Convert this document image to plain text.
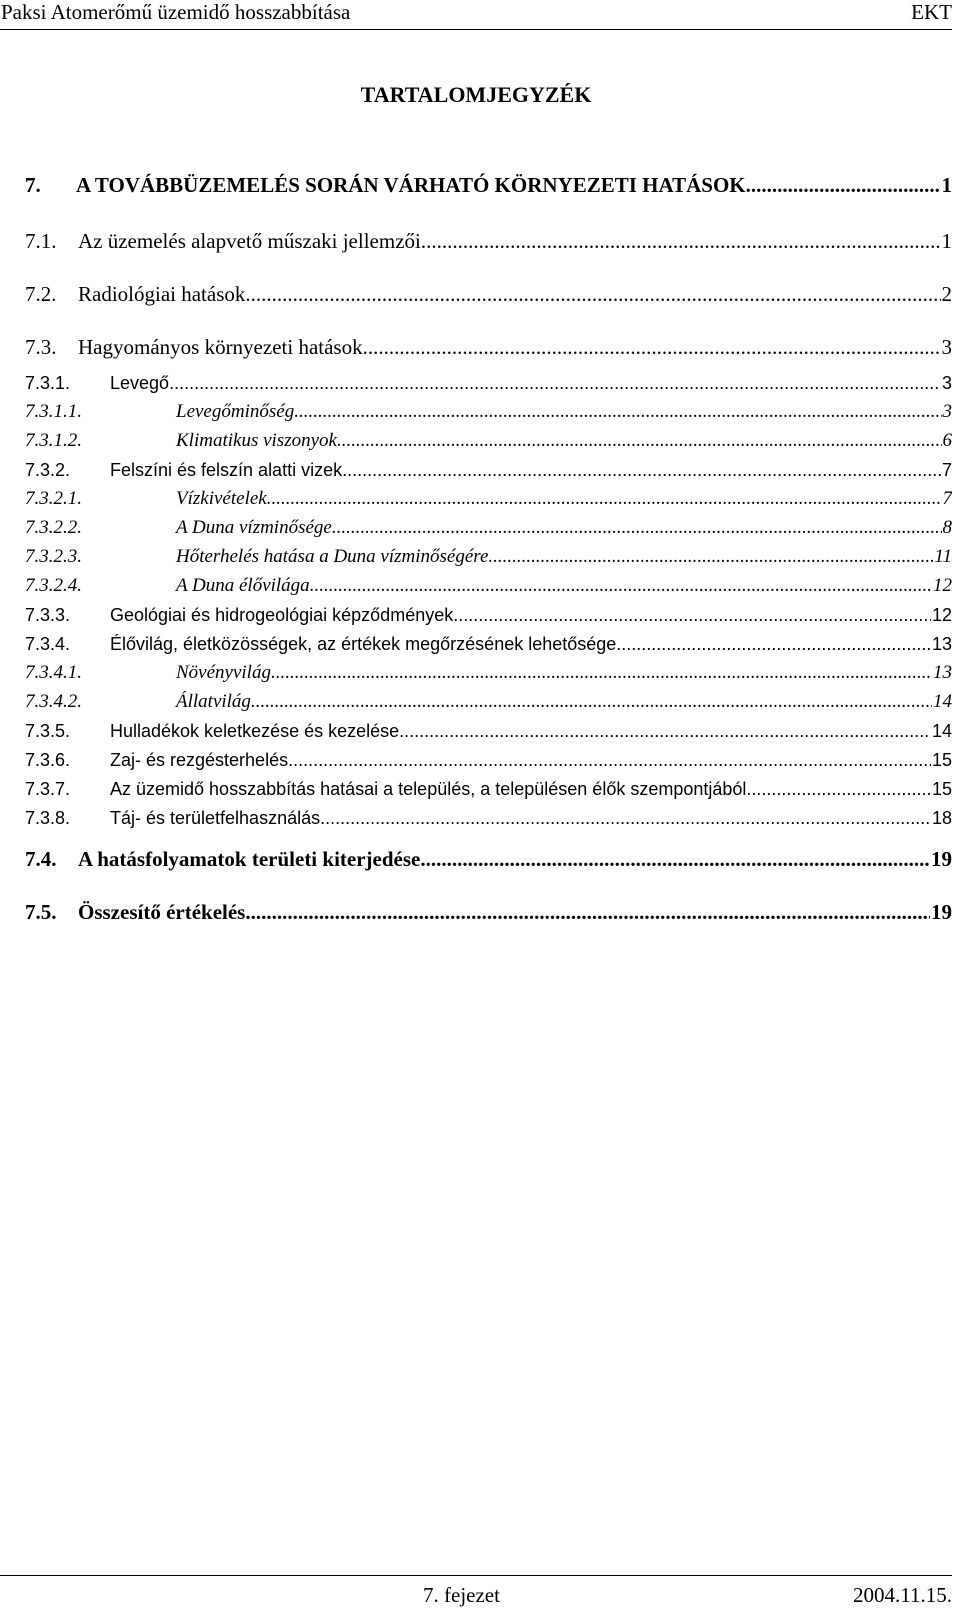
Paksi Atomerőmű üzemidő hosszabbítása	EKT
TARTALOMJEGYZÉK
7.	A TOVÁBBÜZEMELÉS SORÁN VÁRHATÓ KÖRNYEZETI HATÁSOK .....	1
7.1.	Az üzemelés alapvető műszaki jellemzői .....	1
7.2.	Radiológiai hatások .....	2
7.3.	Hagyományos környezeti hatások .....	3
7.3.1.	Levegő .....	3
7.3.1.1.	Levegőminőség .....	3
7.3.1.2.	Klimatikus viszonyok .....	6
7.3.2.	Felszíni és felszín alatti vizek .....	7
7.3.2.1.	Vízkivételek .....	7
7.3.2.2.	A Duna vízminősége .....	8
7.3.2.3.	Hőterhelés hatása a Duna vízminőségére .....	11
7.3.2.4.	A Duna élővilága .....	12
7.3.3.	Geológiai és hidrogeológiai képződmények .....	12
7.3.4.	Élővilág, életközösségek, az értékek megőrzésének lehetősége .....	13
7.3.4.1.	Növényvilág .....	13
7.3.4.2.	Állatvilág .....	14
7.3.5.	Hulladékok keletkezése és kezelése .....	14
7.3.6.	Zaj- és rezgésterhelés .....	15
7.3.7.	Az üzemidő hosszabbítás hatásai a település, a településen élők szempontjából .....	15
7.3.8.	Táj- és területfelhasználás .....	18
7.4.	A hatásfolyamatok területi kiterjedése .....	19
7.5.	Összesítő értékelés .....	19
7. fejezet	2004.11.15.
